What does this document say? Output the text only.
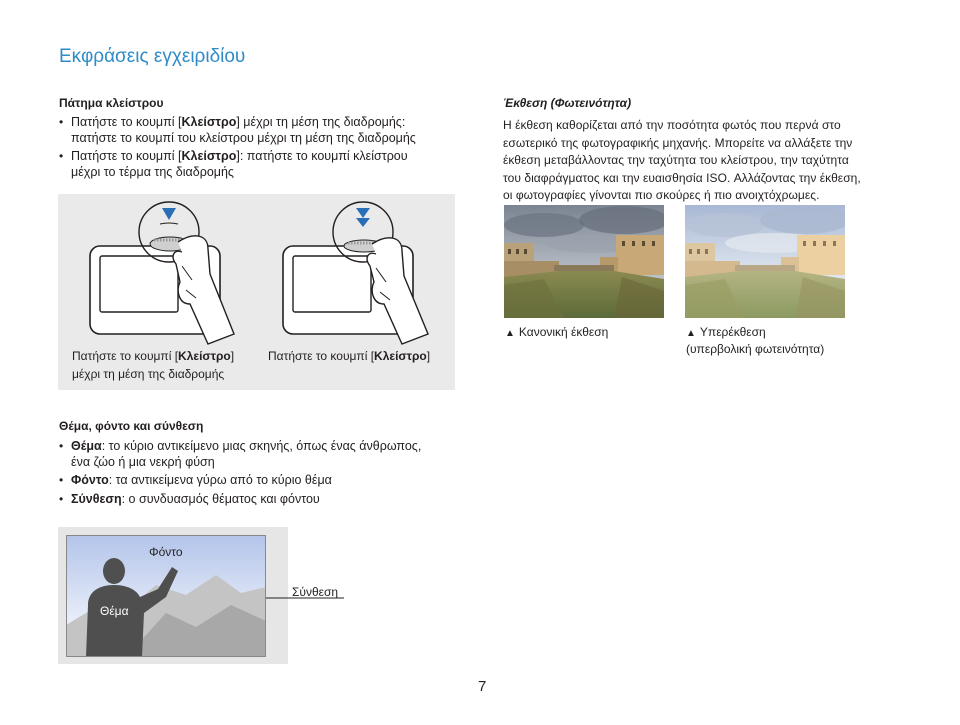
Εκφράσεις εγχειριδίου
Πάτημα κλείστρου
• Πατήστε το κουμπί [Κλείστρο] μέχρι τη μέση της διαδρομής:
πατήστε το κουμπί του κλείστρου μέχρι τη μέση της διαδρομής
• Πατήστε το κουμπί [Κλείστρο]: πατήστε το κουμπί κλείστρου
μέχρι το τέρμα της διαδρομής
Πατήστε το κουμπί [Κλείστρο]
μέχρι τη μέση της διαδρομής
Πατήστε το κουμπί [Κλείστρο]
Έκθεση (Φωτεινότητα)
Η έκθεση καθορίζεται από την ποσότητα φωτός που περνά στο
εσωτερικό της φωτογραφικής μηχανής. Μπορείτε να αλλάξετε την
έκθεση μεταβάλλοντας την ταχύτητα του κλείστρου, την ταχύτητα
του διαφράγματος και την ευαισθησία ISO. Αλλάζοντας την έκθεση,
οι φωτογραφίες γίνονται πιο σκούρες ή πιο ανοιχτόχρωμες.
▲ Κανονική έκθεση	▲ Υπερέκθεση
(υπερβολική φωτεινότητα)
Θέμα, φόντο και σύνθεση
• Θέμα: το κύριο αντικείμενο μιας σκηνής, όπως ένας άνθρωπος,
ένα ζώο ή μια νεκρή φύση
• Φόντο: τα αντικείμενα γύρω από το κύριο θέμα
• Σύνθεση: ο συνδυασμός θέματος και φόντου
Φόντο
Θέμα
Σύνθεση
7
